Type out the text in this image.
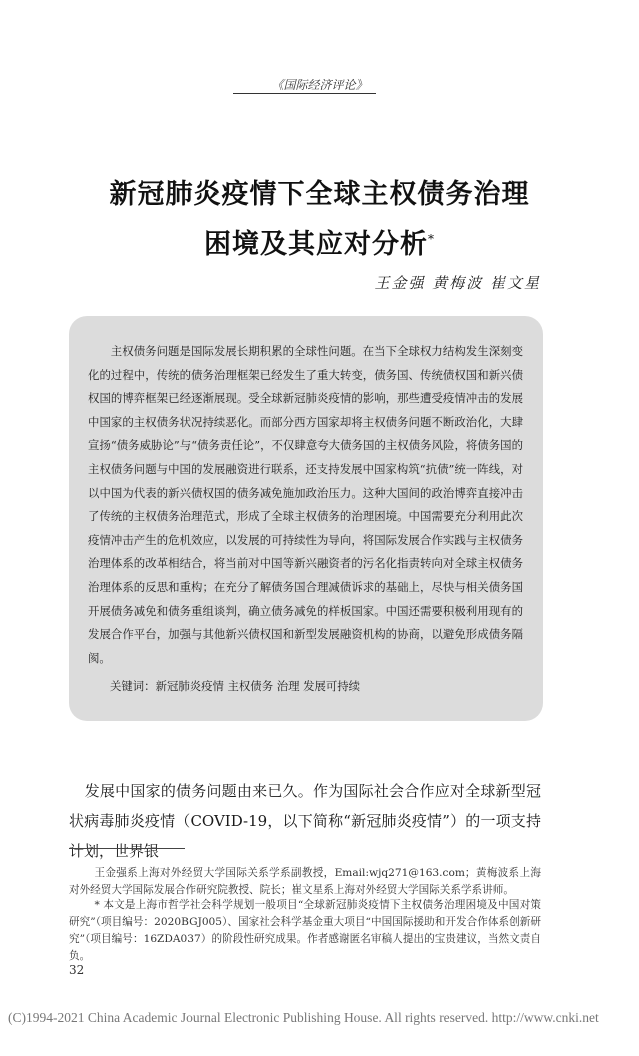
《国际经济评论》
新冠肺炎疫情下全球主权债务治理
困境及其应对分析*
王金强 黄梅波 崔文星
主权债务问题是国际发展长期积累的全球性问题。在当下全球权力结构发生深刻变化的过程中，传统的债务治理框架已经发生了重大转变，债务国、传统债权国和新兴债权国的博弈框架已经逐渐展现。受全球新冠肺炎疫情的影响，那些遭受疫情冲击的发展中国家的主权债务状况持续恶化。而部分西方国家却将主权债务问题不断政治化，大肆宣扬“债务威胁论”与“债务责任论”，不仅肆意夸大债务国的主权债务风险，将债务国的主权债务问题与中国的发展融资进行联系，还支持发展中国家构筑“抗债”统一阵线，对以中国为代表的新兴债权国的债务减免施加政治压力。这种大国间的政治博弈直接冲击了传统的主权债务治理范式，形成了全球主权债务的治理困境。中国需要充分利用此次疫情冲击产生的危机效应，以发展的可持续性为导向，将国际发展合作实践与主权债务治理体系的改革相结合，将当前对中国等新兴融资者的污名化指责转向对全球主权债务治理体系的反思和重构；在充分了解债务国合理减债诉求的基础上，尽快与相关债务国开展债务减免和债务重组谈判，确立债务减免的样板国家。中国还需要积极利用现有的发展合作平台，加强与其他新兴债权国和新型发展融资机构的协商，以避免形成债务隔阂。
关键词：新冠肺炎疫情 主权债务 治理 发展可持续
发展中国家的债务问题由来已久。作为国际社会合作应对全球新型冠状病毒肺炎疫情（COVID-19，以下简称“新冠肺炎疫情”）的一项支持计划，世界银
王金强系上海对外经贸大学国际关系学系副教授，Email:wjq271@163.com；黄梅波系上海对外经贸大学国际发展合作研究院教授、院长；崔文星系上海对外经贸大学国际关系学系讲师。
* 本文是上海市哲学社会科学规划一般项目“全球新冠肺炎疫情下主权债务治理困境及中国对策研究”（项目编号：2020BGJ005）、国家社会科学基金重大项目“中国国际援助和开发合作体系创新研究”（项目编号：16ZDA037）的阶段性研究成果。作者感谢匿名审稿人提出的宝贵建议，当然文责自负。
32
(C)1994-2021 China Academic Journal Electronic Publishing House. All rights reserved. http://www.cnki.net
